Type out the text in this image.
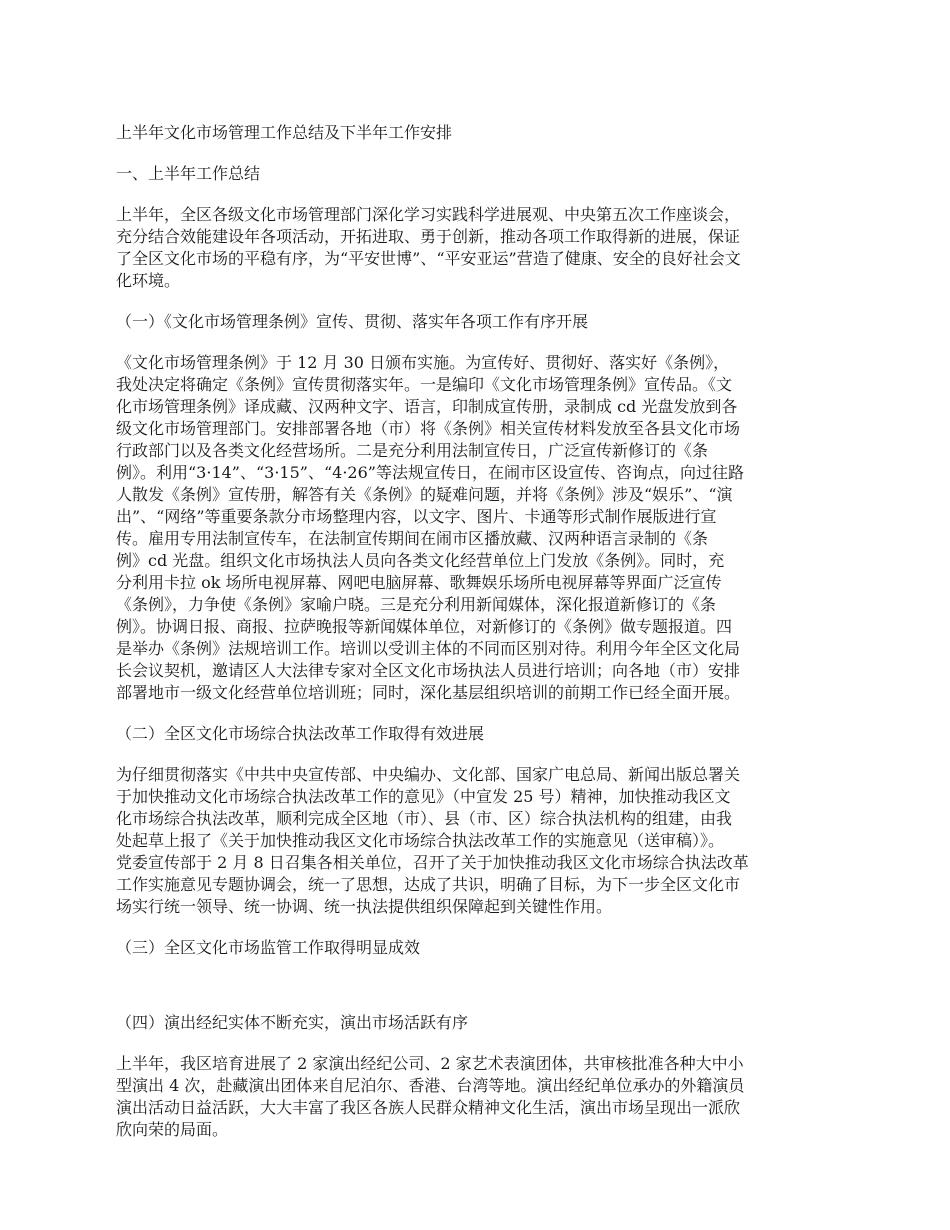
上半年文化市场管理工作总结及下半年工作安排
一、上半年工作总结
上半年，全区各级文化市场管理部门深化学习实践科学进展观、中央第五次工作座谈会，
充分结合效能建设年各项活动，开拓进取、勇于创新，推动各项工作取得新的进展，保证
了全区文化市场的平稳有序，为“平安世博”、“平安亚运”营造了健康、安全的良好社会文
化环境。
（一）《文化市场管理条例》宣传、贯彻、落实年各项工作有序开展
《文化市场管理条例》于 12 月 30 日颁布实施。为宣传好、贯彻好、落实好《条例》，
我处决定将确定《条例》宣传贯彻落实年。一是编印《文化市场管理条例》宣传品。《文
化市场管理条例》译成藏、汉两种文字、语言，印制成宣传册，录制成 cd 光盘发放到各
级文化市场管理部门。安排部署各地（市）将《条例》相关宣传材料发放至各县文化市场
行政部门以及各类文化经营场所。二是充分利用法制宣传日，广泛宣传新修订的《条
例》。利用“3·14”、“3·15”、“4·26”等法规宣传日，在闹市区设宣传、咨询点，向过往路
人散发《条例》宣传册，解答有关《条例》的疑难问题，并将《条例》涉及“娱乐”、“演
出”、“网络”等重要条款分市场整理内容，以文字、图片、卡通等形式制作展版进行宣
传。雇用专用法制宣传车，在法制宣传期间在闹市区播放藏、汉两种语言录制的《条
例》cd 光盘。组织文化市场执法人员向各类文化经营单位上门发放《条例》。同时，充
分利用卡拉 ok 场所电视屏幕、网吧电脑屏幕、歌舞娱乐场所电视屏幕等界面广泛宣传
《条例》，力争使《条例》家喻户晓。三是充分利用新闻媒体，深化报道新修订的《条
例》。协调日报、商报、拉萨晚报等新闻媒体单位，对新修订的《条例》做专题报道。四
是举办《条例》法规培训工作。培训以受训主体的不同而区别对待。利用今年全区文化局
长会议契机，邀请区人大法律专家对全区文化市场执法人员进行培训；向各地（市）安排
部署地市一级文化经营单位培训班；同时，深化基层组织培训的前期工作已经全面开展。
（二）全区文化市场综合执法改革工作取得有效进展
为仔细贯彻落实《中共中央宣传部、中央编办、文化部、国家广电总局、新闻出版总署关
于加快推动文化市场综合执法改革工作的意见》（中宣发 25 号）精神，加快推动我区文
化市场综合执法改革，顺利完成全区地（市）、县（市、区）综合执法机构的组建，由我
处起草上报了《关于加快推动我区文化市场综合执法改革工作的实施意见（送审稿）》。
党委宣传部于 2 月 8 日召集各相关单位，召开了关于加快推动我区文化市场综合执法改革
工作实施意见专题协调会，统一了思想，达成了共识，明确了目标，为下一步全区文化市
场实行统一领导、统一协调、统一执法提供组织保障起到关键性作用。
（三）全区文化市场监管工作取得明显成效
（四）演出经纪实体不断充实，演出市场活跃有序
上半年，我区培育进展了 2 家演出经纪公司、2 家艺术表演团体，共审核批准各种大中小
型演出 4 次，赴藏演出团体来自尼泊尔、香港、台湾等地。演出经纪单位承办的外籍演员
演出活动日益活跃，大大丰富了我区各族人民群众精神文化生活，演出市场呈现出一派欣
欣向荣的局面。
